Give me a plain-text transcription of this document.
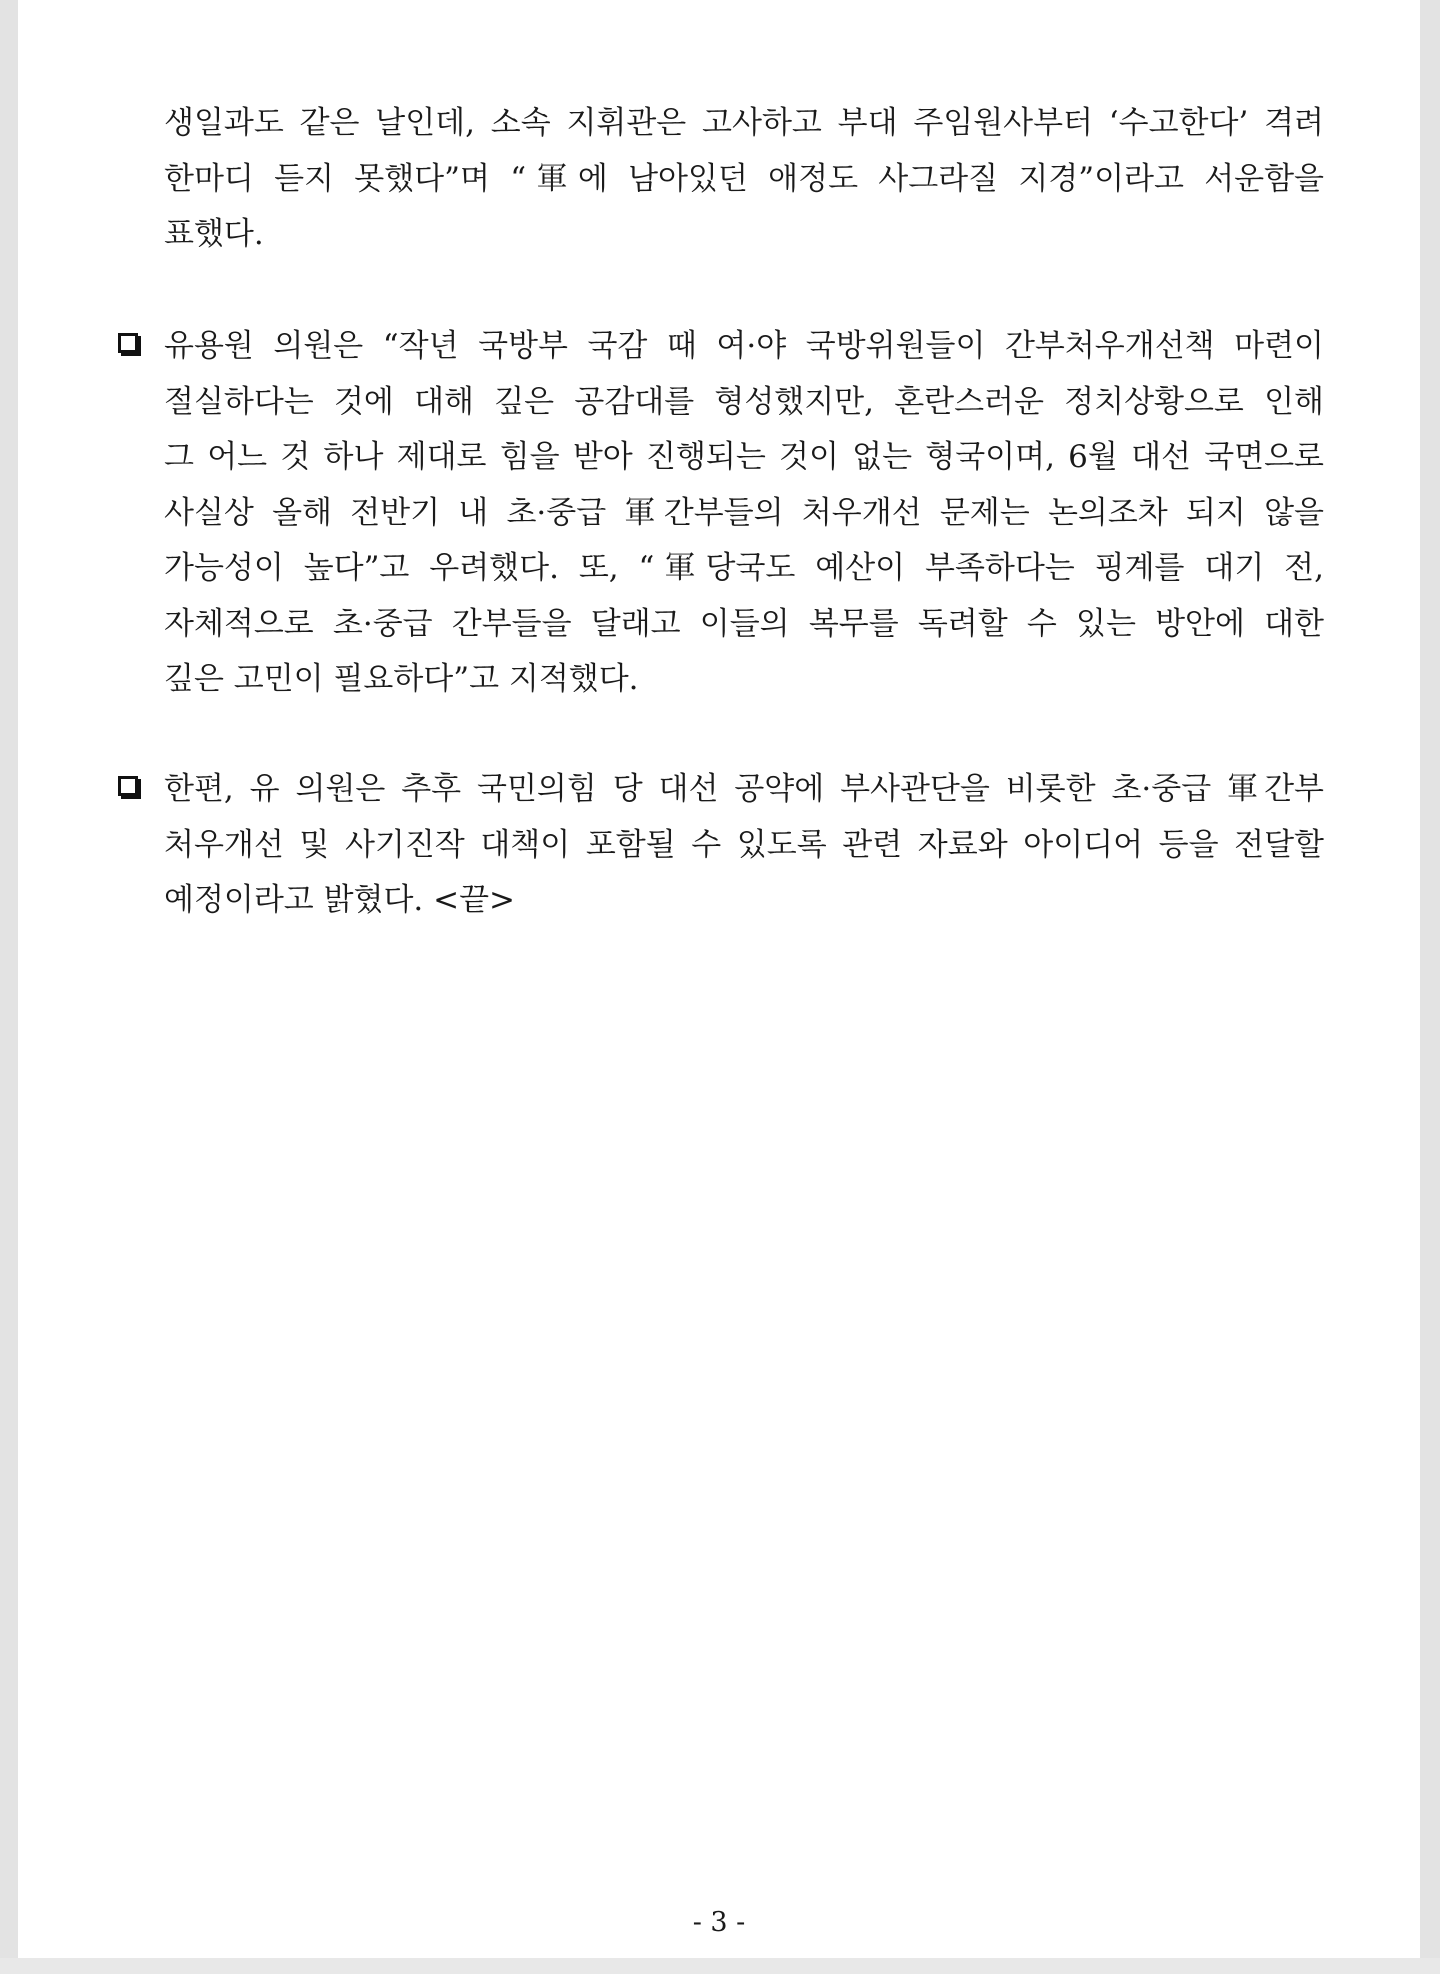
생일과도 같은 날인데, 소속 지휘관은 고사하고 부대 주임원사부터 ‘수고한다’ 격려
한마디 듣지 못했다”며 “軍에 남아있던 애정도 사그라질 지경”이라고 서운함을
표했다.
유용원 의원은 “작년 국방부 국감 때 여·야 국방위원들이 간부처우개선책 마련이
절실하다는 것에 대해 깊은 공감대를 형성했지만, 혼란스러운 정치상황으로 인해
그 어느 것 하나 제대로 힘을 받아 진행되는 것이 없는 형국이며, 6월 대선 국면으로
사실상 올해 전반기 내 초·중급 軍간부들의 처우개선 문제는 논의조차 되지 않을
가능성이 높다”고 우려했다. 또, “軍당국도 예산이 부족하다는 핑계를 대기 전,
자체적으로 초·중급 간부들을 달래고 이들의 복무를 독려할 수 있는 방안에 대한
깊은 고민이 필요하다”고 지적했다.
한편, 유 의원은 추후 국민의힘 당 대선 공약에 부사관단을 비롯한 초·중급 軍간부
처우개선 및 사기진작 대책이 포함될 수 있도록 관련 자료와 아이디어 등을 전달할
예정이라고 밝혔다. <끝>
- 3 -
